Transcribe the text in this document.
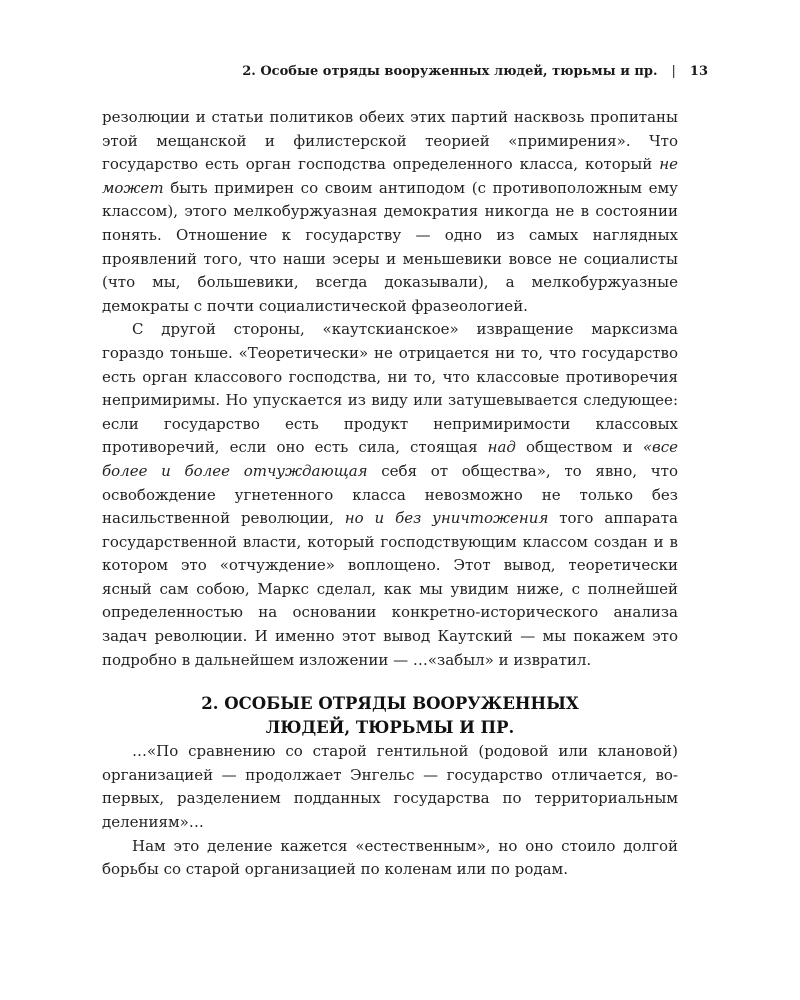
2. Особые отряды вооруженных людей, тюрьмы и пр. | 13

резолюции и статьи политиков обеих этих партий насквозь пропитаны этой мещанской и филистерской теорией «примирения». Что государство есть орган господства определенного класса, который не может быть примирен со своим антиподом (с противоположным ему классом), этого мелкобуржуазная демократия никогда не в состоянии понять. Отношение к государству — одно из самых наглядных проявлений того, что наши эсеры и меньшевики вовсе не социалисты (что мы, большевики, всегда доказывали), а мелкобуржуазные демократы с почти социалистической фразеологией.

С другой стороны, «каутскианское» извращение марксизма гораздо тоньше. «Теоретически» не отрицается ни то, что государство есть орган классового господства, ни то, что классовые противоречия непримиримы. Но упускается из виду или затушевывается следующее: если государство есть продукт непримиримости классовых противоречий, если оно есть сила, стоящая над обществом и «все более и более отчуждающая себя от общества», то явно, что освобождение угнетенного класса невозможно не только без насильственной революции, но и без уничтожения того аппарата государственной власти, который господствующим классом создан и в котором это «отчуждение» воплощено. Этот вывод, теоретически ясный сам собою, Маркс сделал, как мы увидим ниже, с полнейшей определенностью на основании конкретно-исторического анализа задач революции. И именно этот вывод Каутский — мы покажем это подробно в дальнейшем изложении — …«забыл» и извратил.

2. ОСОБЫЕ ОТРЯДЫ ВООРУЖЕННЫХ
ЛЮДЕЙ, ТЮРЬМЫ И ПР.

…«По сравнению со старой гентильной (родовой или клановой) организацией — продолжает Энгельс — государство отличается, во-первых, разделением подданных государства по территориальным делениям»…

Нам это деление кажется «естественным», но оно стоило долгой борьбы со старой организацией по коленам или по родам.
